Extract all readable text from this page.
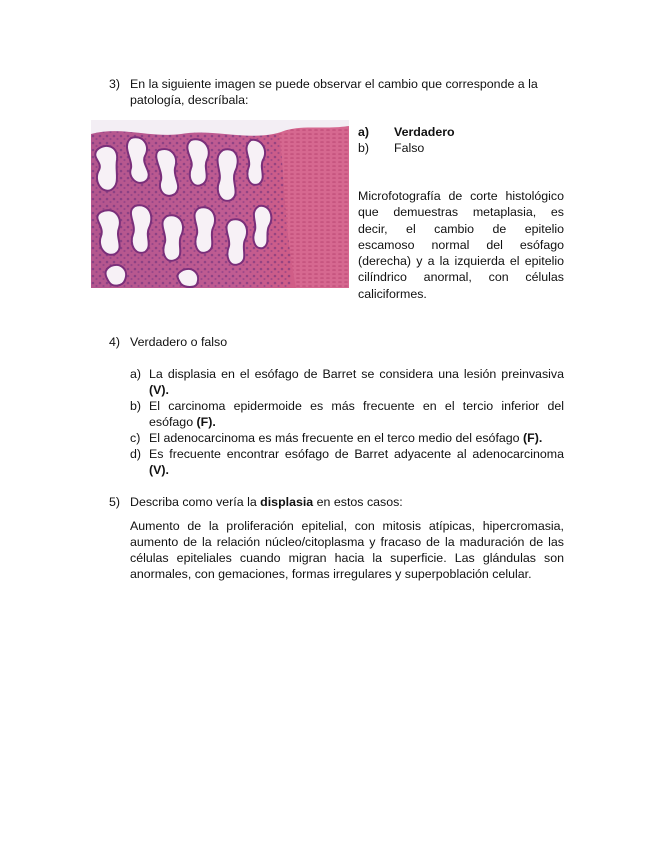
3) En la siguiente imagen se puede observar el cambio que corresponde a la
patología, descríbala:
a) Verdadero
b) Falso
Microfotografía de corte histológico
que demuestras metaplasia, es
decir, el cambio de epitelio
escamoso normal del esófago
(derecha) y a la izquierda el epitelio
cilíndrico anormal, con células
caliciformes.
4) Verdadero o falso
a) La displasia en el esófago de Barret se considera una lesión preinvasiva
(V).
b) El carcinoma epidermoide es más frecuente en el tercio inferior del
esófago (F).
c) El adenocarcinoma es más frecuente en el terco medio del esófago (F).
d) Es frecuente encontrar esófago de Barret adyacente al adenocarcinoma
(V).
5) Describa como vería la displasia en estos casos:
Aumento de la proliferación epitelial, con mitosis atípicas, hipercromasia,
aumento de la relación núcleo/citoplasma y fracaso de la maduración de las
células epiteliales cuando migran hacia la superficie. Las glándulas son
anormales, con gemaciones, formas irregulares y superpoblación celular.
